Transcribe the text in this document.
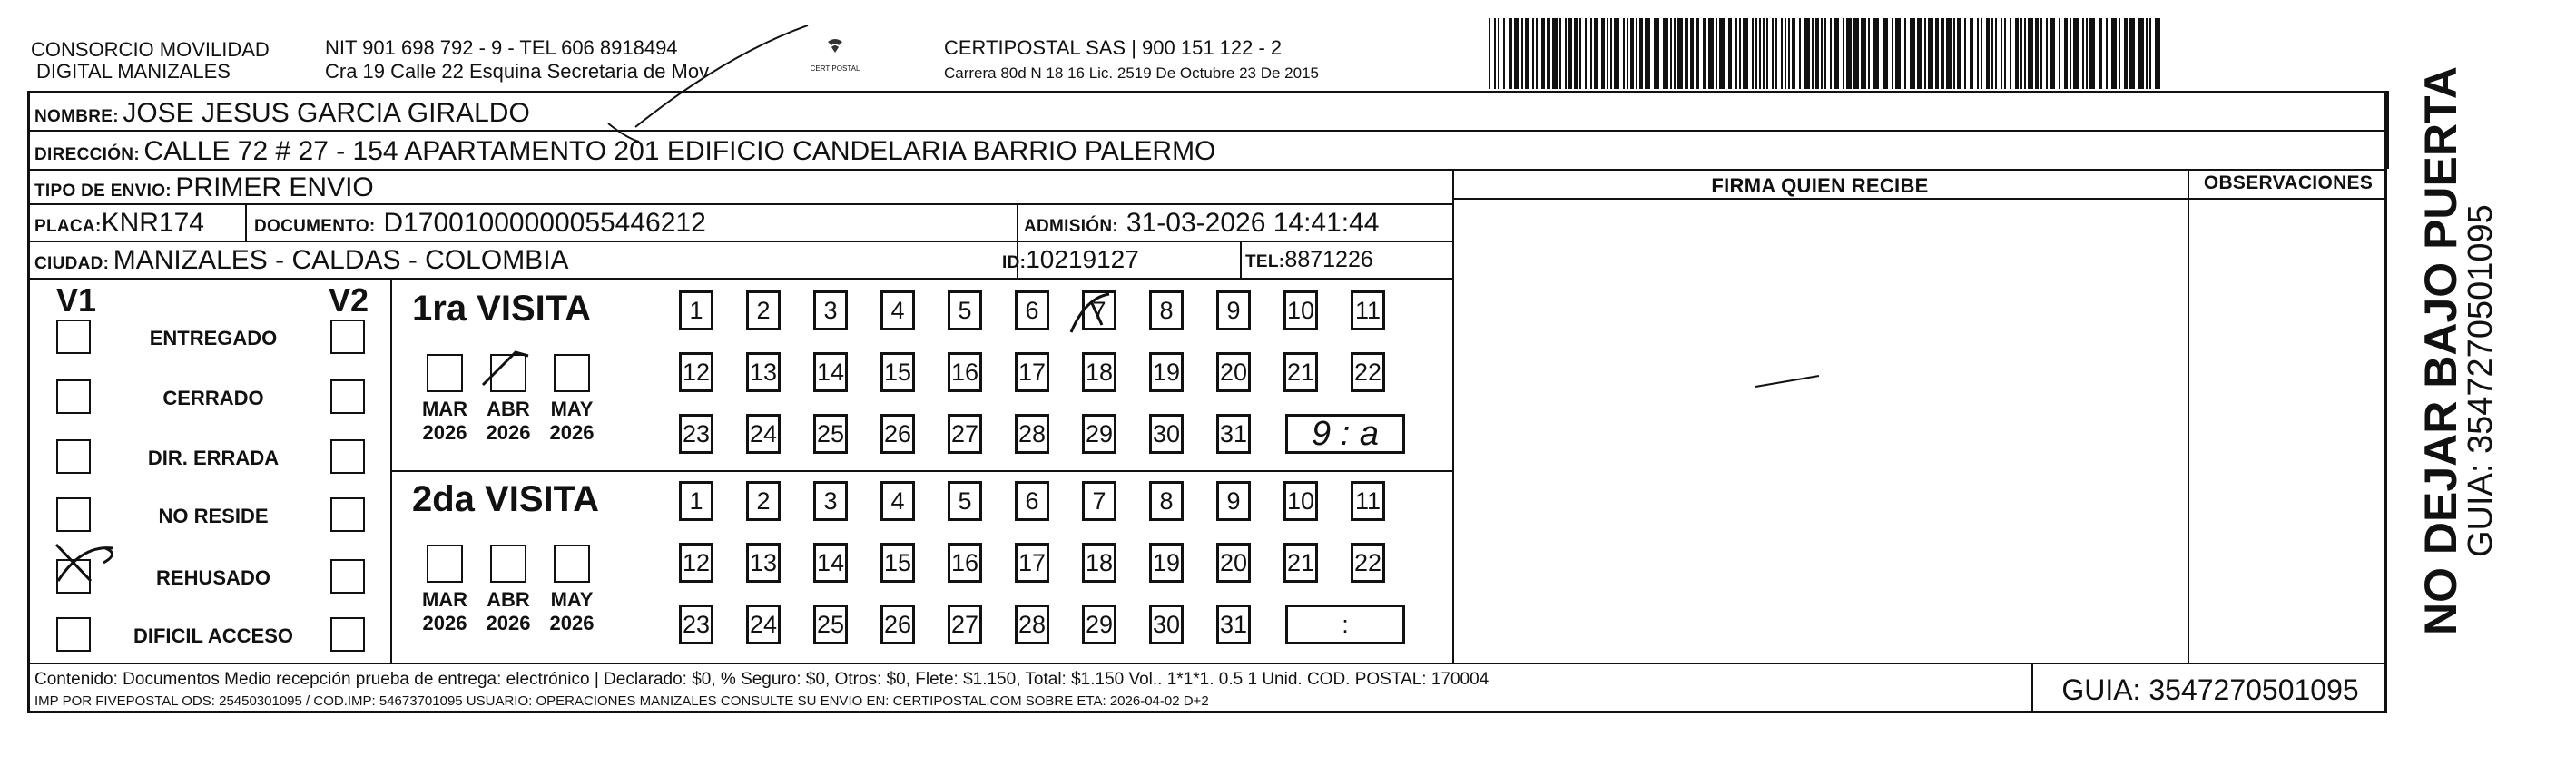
CONSORCIO MOVILIDAD
DIGITAL MANIZALES
NIT 901 698 792 - 9 - TEL 606 8918494
Cra 19 Calle 22 Esquina Secretaria de Mov	CERTIPOSTAL
CERTIPOSTAL SAS | 900 151 122 - 2
Carrera 80d N 18 16 Lic. 2519 De Octubre 23 De 2015
NOMBRE: JOSE JESUS GARCIA GIRALDO
DIRECCIÓN: CALLE 72 # 27 - 154 APARTAMENTO 201 EDIFICIO CANDELARIA BARRIO PALERMO
TIPO DE ENVIO: PRIMER ENVIO
PLACA:KNR174	DOCUMENTO: D17001000000055446212	ADMISIÓN: 31-03-2026 14:41:44
CIUDAD: MANIZALES - CALDAS - COLOMBIA	ID:10219127	TEL:8871226
FIRMA QUIEN RECIBE	OBSERVACIONES
V1	V2
ENTREGADO
CERRADO
DIR. ERRADA
NO RESIDE
REHUSADO
DIFICIL ACCESO
1ra VISITA
MAR
2026
ABR
2026
MAY
2026
1	2	3	4	5	6	7	8	9	10 11
12 13 14 15 16 17 18 19 20 21 22
23 24 25 26 27 28 29 30 31	9 : a
2da VISITA
MAR
2026
ABR
2026
MAY
2026
1	2	3	4	5	6	7	8	9	10 11
12 13 14 15 16 17 18 19 20 21 22
23 24 25 26 27 28 29 30 31	:
Contenido: Documentos Medio recepción prueba de entrega: electrónico | Declarado: $0, % Seguro: $0, Otros: $0, Flete: $1.150, Total: $1.150 Vol.. 1*1*1. 0.5 1 Unid. COD. POSTAL: 170004
IMP POR FIVEPOSTAL ODS: 25450301095 / COD.IMP: 54673701095 USUARIO: OPERACIONES MANIZALES CONSULTE SU ENVIO EN: CERTIPOSTAL.COM SOBRE ETA: 2026-04-02 D+2	GUIA: 3547270501095
NO DEJAR BAJO PUERTA
GUIA: 3547270501095
